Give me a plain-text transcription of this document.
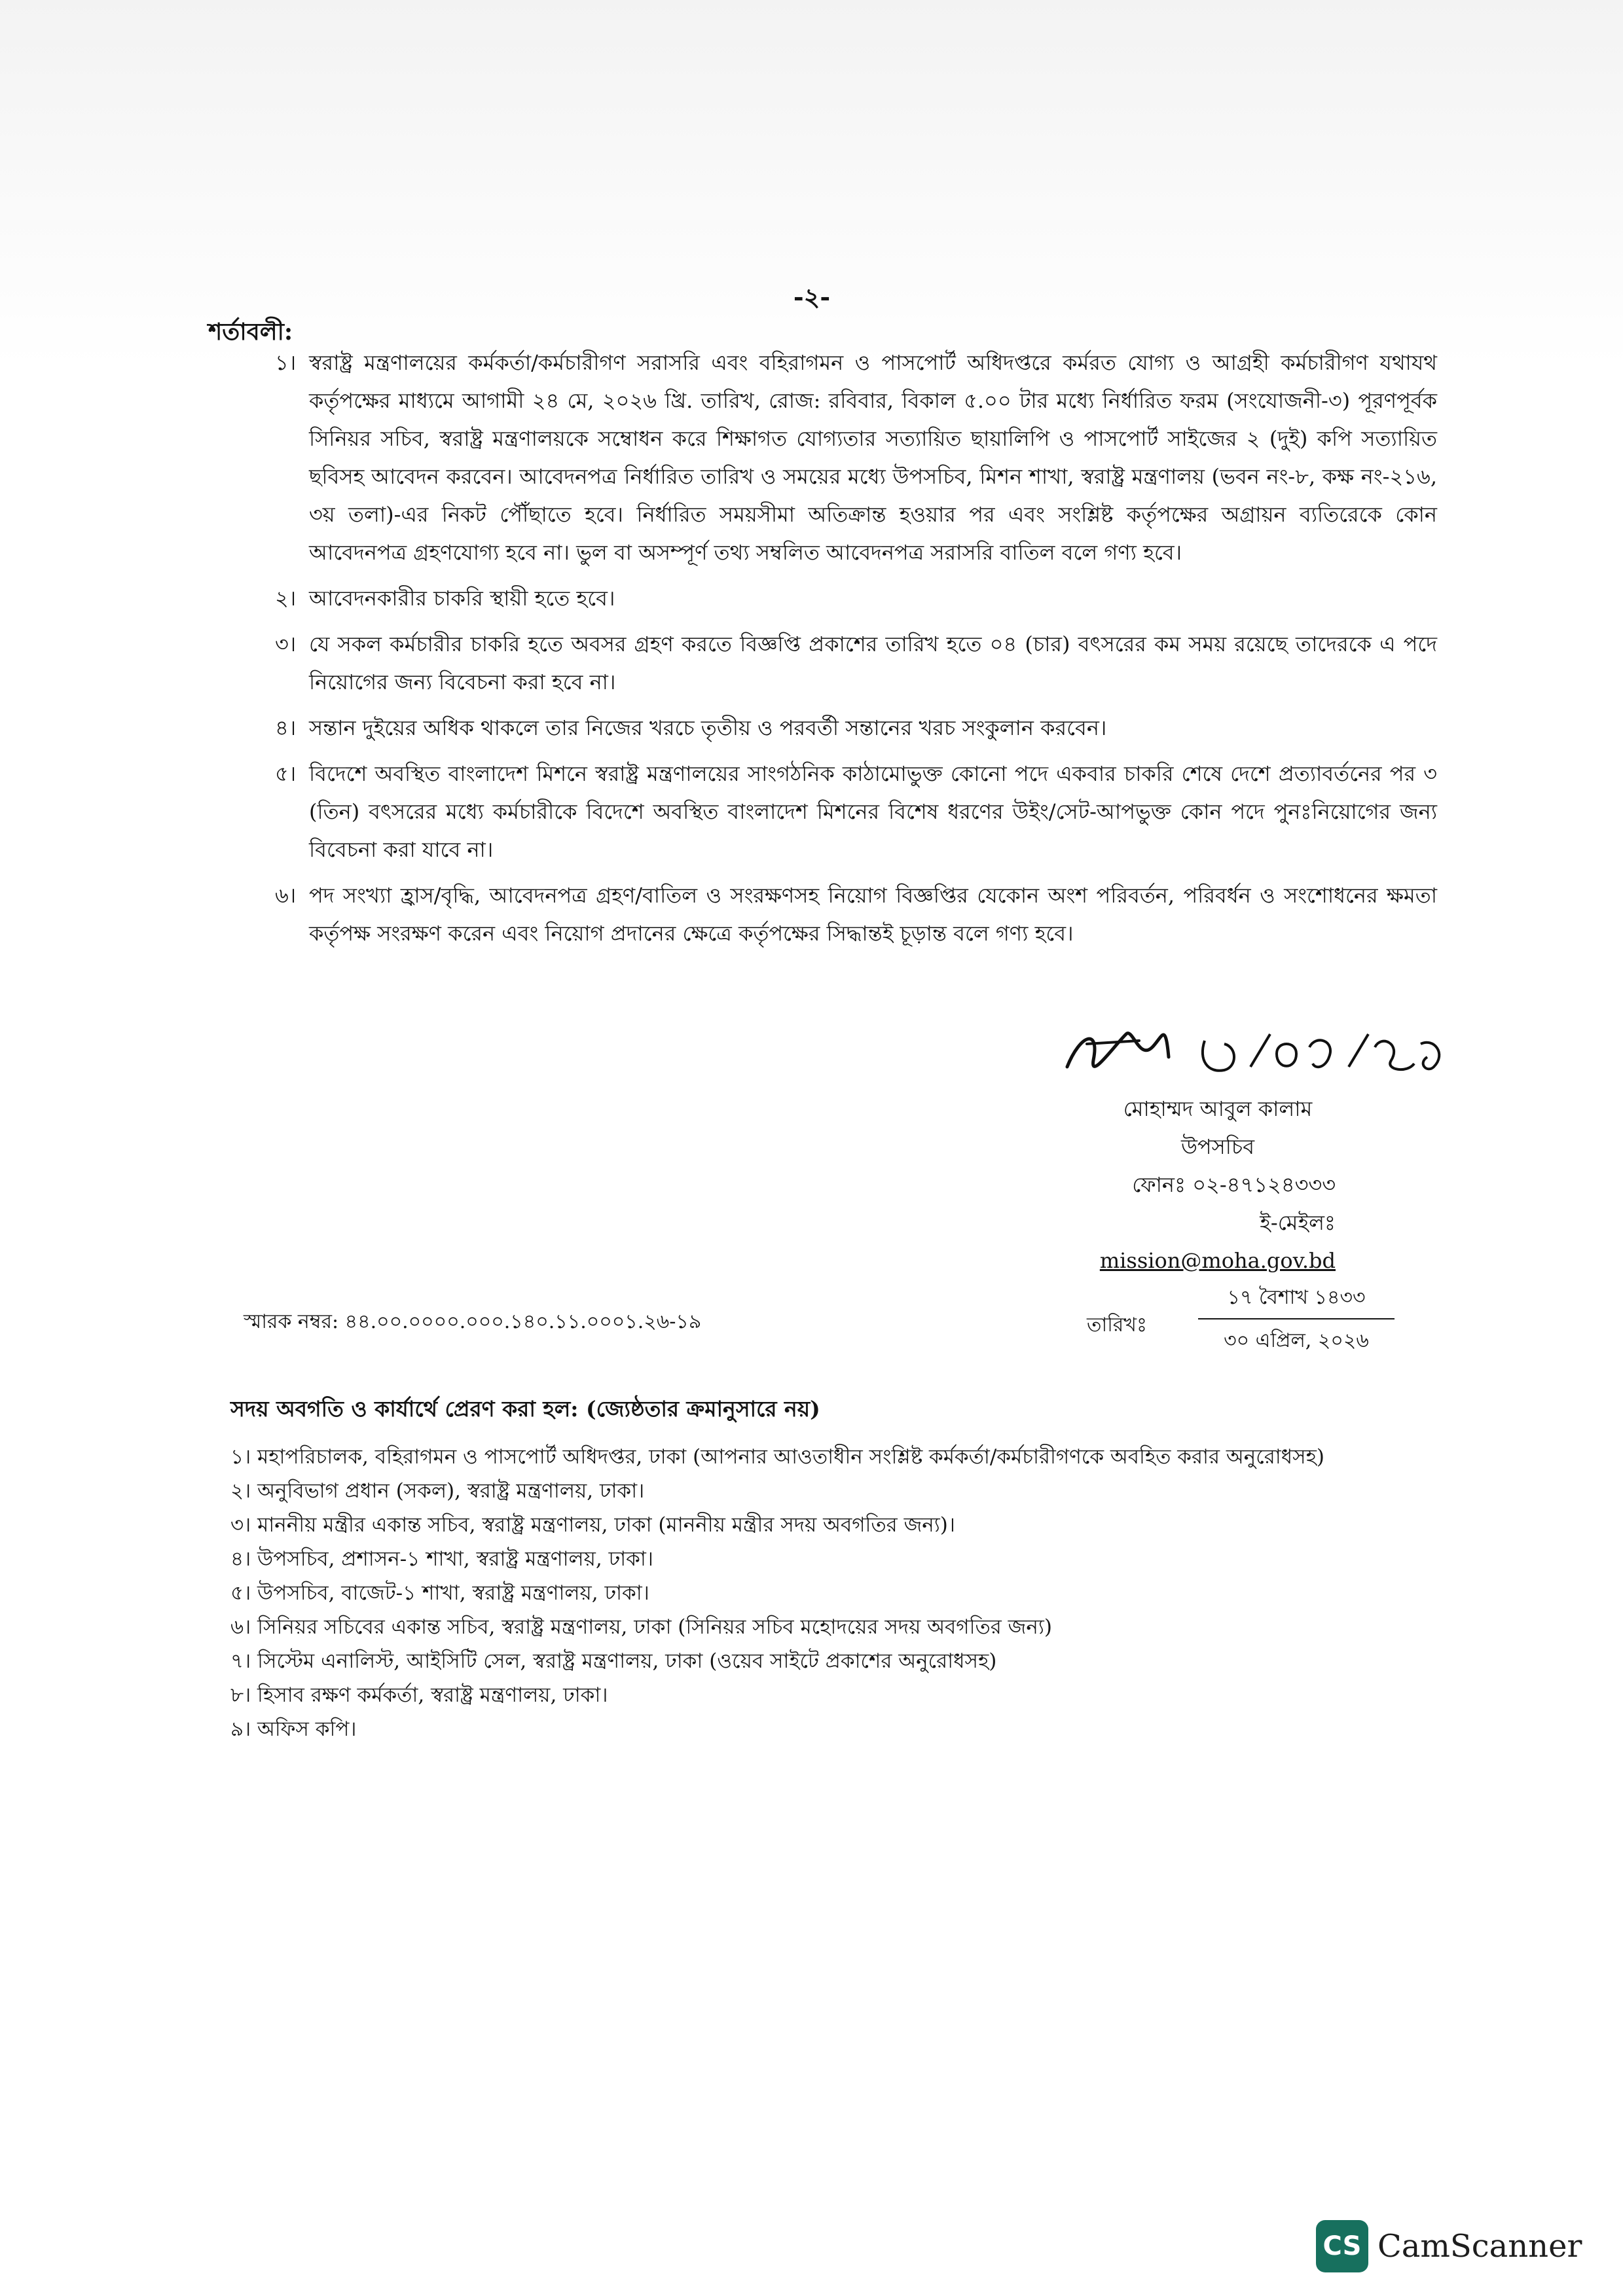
-২-
শর্তাবলী:
১। স্বরাষ্ট্র মন্ত্রণালয়ের কর্মকর্তা/কর্মচারীগণ সরাসরি এবং বহিরাগমন ও পাসপোর্ট অধিদপ্তরে কর্মরত যোগ্য ও আগ্রহী কর্মচারীগণ যথাযথ কর্তৃপক্ষের মাধ্যমে আগামী ২৪ মে, ২০২৬ খ্রি. তারিখ, রোজ: রবিবার, বিকাল ৫.০০ টার মধ্যে নির্ধারিত ফরম (সংযোজনী-৩) পূরণপূর্বক সিনিয়র সচিব, স্বরাষ্ট্র মন্ত্রণালয়কে সম্বোধন করে শিক্ষাগত যোগ্যতার সত্যায়িত ছায়ালিপি ও পাসপোর্ট সাইজের ২ (দুই) কপি সত্যায়িত ছবিসহ আবেদন করবেন। আবেদনপত্র নির্ধারিত তারিখ ও সময়ের মধ্যে উপসচিব, মিশন শাখা, স্বরাষ্ট্র মন্ত্রণালয় (ভবন নং-৮, কক্ষ নং-২১৬, ৩য় তলা)-এর নিকট পৌঁছাতে হবে। নির্ধারিত সময়সীমা অতিক্রান্ত হওয়ার পর এবং সংশ্লিষ্ট কর্তৃপক্ষের অগ্রায়ন ব্যতিরেকে কোন আবেদনপত্র গ্রহণযোগ্য হবে না। ভুল বা অসম্পূর্ণ তথ্য সম্বলিত আবেদনপত্র সরাসরি বাতিল বলে গণ্য হবে।
২। আবেদনকারীর চাকরি স্থায়ী হতে হবে।
৩। যে সকল কর্মচারীর চাকরি হতে অবসর গ্রহণ করতে বিজ্ঞপ্তি প্রকাশের তারিখ হতে ০৪ (চার) বৎসরের কম সময় রয়েছে তাদেরকে এ পদে নিয়োগের জন্য বিবেচনা করা হবে না।
৪। সন্তান দুইয়ের অধিক থাকলে তার নিজের খরচে তৃতীয় ও পরবর্তী সন্তানের খরচ সংকুলান করবেন।
৫। বিদেশে অবস্থিত বাংলাদেশ মিশনে স্বরাষ্ট্র মন্ত্রণালয়ের সাংগঠনিক কাঠামোভুক্ত কোনো পদে একবার চাকরি শেষে দেশে প্রত্যাবর্তনের পর ৩ (তিন) বৎসরের মধ্যে কর্মচারীকে বিদেশে অবস্থিত বাংলাদেশ মিশনের বিশেষ ধরণের উইং/সেট-আপভুক্ত কোন পদে পুনঃনিয়োগের জন্য বিবেচনা করা যাবে না।
৬। পদ সংখ্যা হ্রাস/বৃদ্ধি, আবেদনপত্র গ্রহণ/বাতিল ও সংরক্ষণসহ নিয়োগ বিজ্ঞপ্তির যেকোন অংশ পরিবর্তন, পরিবর্ধন ও সংশোধনের ক্ষমতা কর্তৃপক্ষ সংরক্ষণ করেন এবং নিয়োগ প্রদানের ক্ষেত্রে কর্তৃপক্ষের সিদ্ধান্তই চূড়ান্ত বলে গণ্য হবে।
মোহাম্মদ আবুল কালাম
উপসচিব
ফোনঃ ০২-৪৭১২৪৩৩৩
ই-মেইলঃ mission@moha.gov.bd
স্মারক নম্বর: ৪৪.০০.০০০০.০০০.১৪০.১১.০০০১.২৬-১৯	তারিখঃ
১৭ বৈশাখ ১৪৩৩
৩০ এপ্রিল, ২০২৬
সদয় অবগতি ও কার্যার্থে প্রেরণ করা হল: (জ্যেষ্ঠতার ক্রমানুসারে নয়)
১। মহাপরিচালক, বহিরাগমন ও পাসপোর্ট অধিদপ্তর, ঢাকা (আপনার আওতাধীন সংশ্লিষ্ট কর্মকর্তা/কর্মচারীগণকে অবহিত করার অনুরোধসহ)
২। অনুবিভাগ প্রধান (সকল), স্বরাষ্ট্র মন্ত্রণালয়, ঢাকা।
৩। মাননীয় মন্ত্রীর একান্ত সচিব, স্বরাষ্ট্র মন্ত্রণালয়, ঢাকা (মাননীয় মন্ত্রীর সদয় অবগতির জন্য)।
৪। উপসচিব, প্রশাসন-১ শাখা, স্বরাষ্ট্র মন্ত্রণালয়, ঢাকা।
৫। উপসচিব, বাজেট-১ শাখা, স্বরাষ্ট্র মন্ত্রণালয়, ঢাকা।
৬। সিনিয়র সচিবের একান্ত সচিব, স্বরাষ্ট্র মন্ত্রণালয়, ঢাকা (সিনিয়র সচিব মহোদয়ের সদয় অবগতির জন্য)
৭। সিস্টেম এনালিস্ট, আইসিটি সেল, স্বরাষ্ট্র মন্ত্রণালয়, ঢাকা (ওয়েব সাইটে প্রকাশের অনুরোধসহ)
৮। হিসাব রক্ষণ কর্মকর্তা, স্বরাষ্ট্র মন্ত্রণালয়, ঢাকা।
৯। অফিস কপি।
CS CamScanner
